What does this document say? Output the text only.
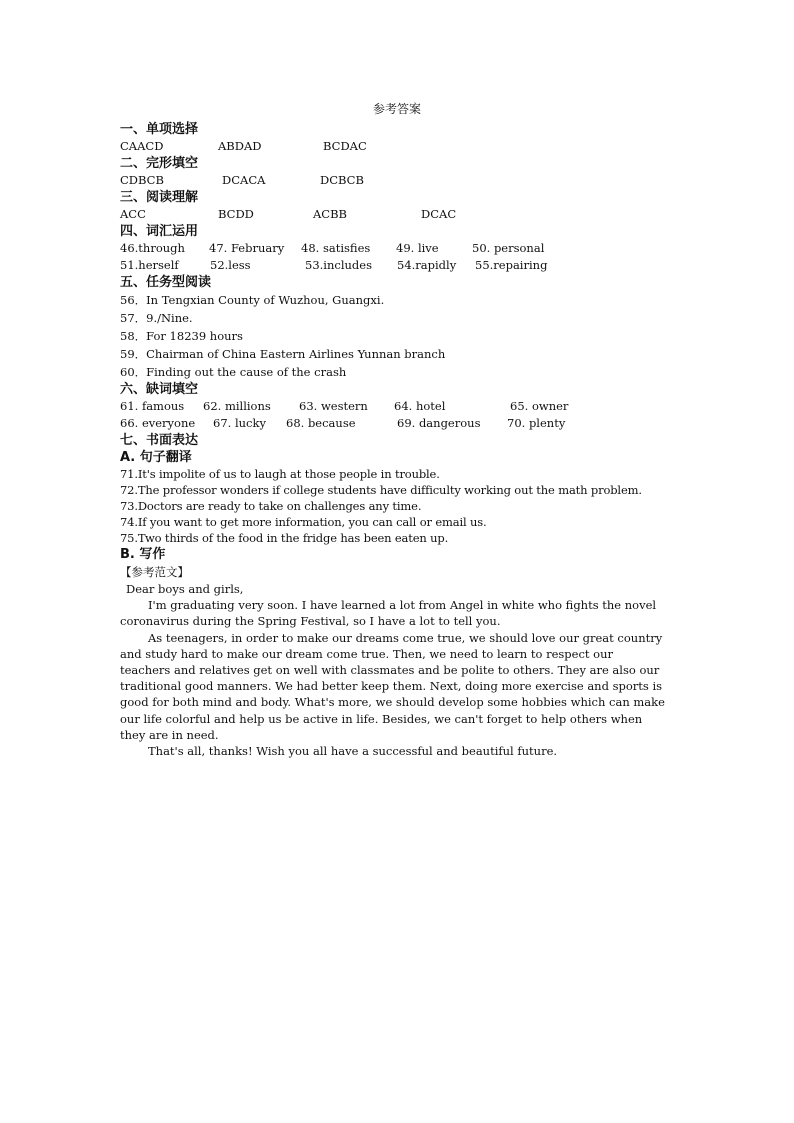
参考答案
一、单项选择
CAACD	ABDAD	BCDAC
二、完形填空
CDBCB	DCACA	DCBCB
三、阅读理解
ACC	BCDD	ACBB	DCAC
四、词汇运用
46.through 47. February 48. satisfies 49. live	50. personal
51.herself	52.less	53.includes 54.rapidly 55.repairing
五、任务型阅读
56．In Tengxian County of Wuzhou, Guangxi.
57．9./Nine.
58．For 18239 hours
59．Chairman of China Eastern Airlines Yunnan branch
60．Finding out the cause of the crash
六、缺词填空
61. famous 62. millions 63. western 64. hotel	65. owner
66. everyone 67. lucky 68. because	69. dangerous 70. plenty
七、书面表达
A. 句子翻译
71.It's impolite of us to laugh at those people in trouble.
72.The professor wonders if college students have difficulty working out the math problem.
73.Doctors are ready to take on challenges any time.
74.If you want to get more information, you can call or email us.
75.Two thirds of the food in the fridge has been eaten up.
B. 写作
【参考范文】

Dear boys and girls,

I'm graduating very soon. I have learned a lot from Angel in white who fights the novel coronavirus during the Spring Festival, so I have a lot to tell you.

As teenagers, in order to make our dreams come true, we should love our great country and study hard to make our dream come true. Then, we need to learn to respect our teachers and relatives get on well with classmates and be polite to others. They are also our traditional good manners. We had better keep them. Next, doing more exercise and sports is good for both mind and body. What's more, we should develop some hobbies which can make our life colorful and help us be active in life. Besides, we can't forget to help others when they are in need.

That's all, thanks! Wish you all have a successful and beautiful future.
